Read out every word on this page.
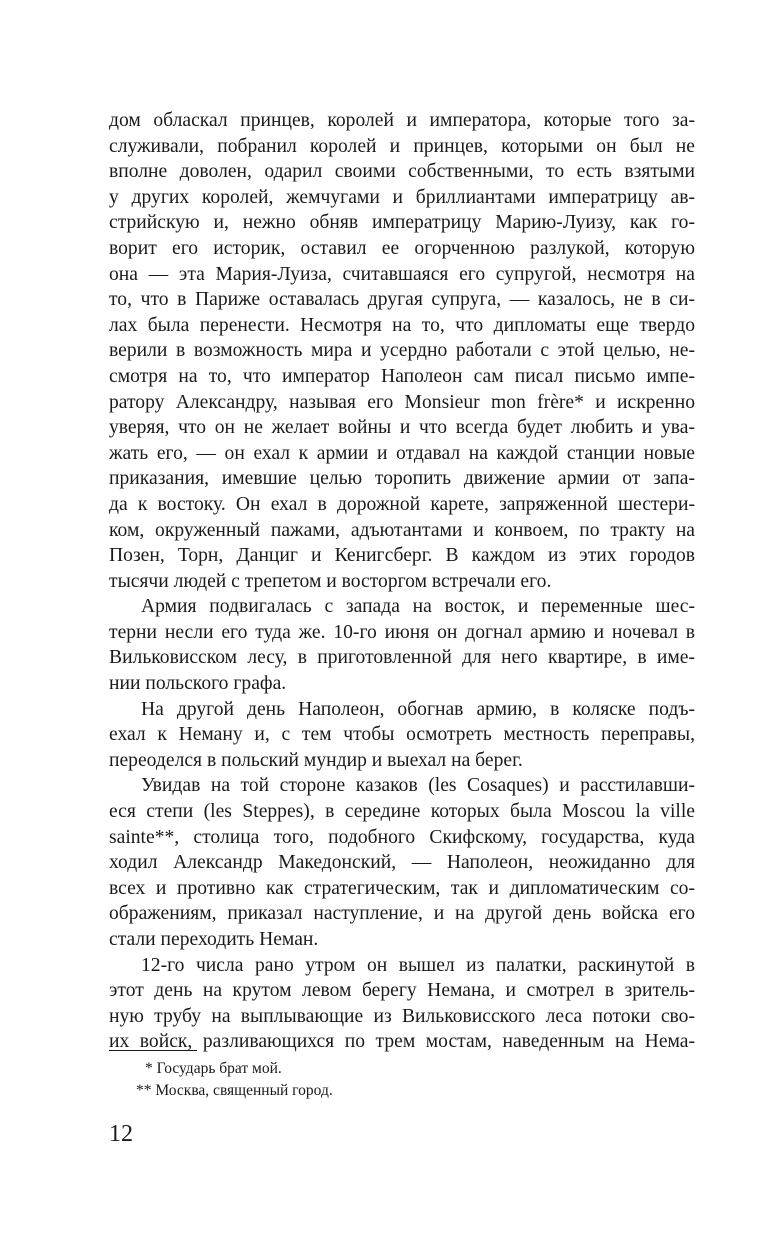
дом обласкал принцев, королей и императора, которые того за-
служивали, побранил королей и принцев, которыми он был не
вполне доволен, одарил своими собственными, то есть взятыми
у других королей, жемчугами и бриллиантами императрицу ав-
стрийскую и, нежно обняв императрицу Марию-Луизу, как го-
ворит его историк, оставил ее огорченною разлукой, которую
она — эта Мария-Луиза, считавшаяся его супругой, несмотря на
то, что в Париже оставалась другая супруга, — казалось, не в си-
лах была перенести. Несмотря на то, что дипломаты еще твердо
верили в возможность мира и усердно работали с этой целью, не-
смотря на то, что император Наполеон сам писал письмо импе-
ратору Александру, называя его Monsieur mon frère* и искренно
уверяя, что он не желает войны и что всегда будет любить и ува-
жать его, — он ехал к армии и отдавал на каждой станции новые
приказания, имевшие целью торопить движение армии от запа-
да к востоку. Он ехал в дорожной карете, запряженной шестери-
ком, окруженный пажами, адъютантами и конвоем, по тракту на
Позен, Торн, Данциг и Кенигсберг. В каждом из этих городов
тысячи людей с трепетом и восторгом встречали его.
Армия подвигалась с запада на восток, и переменные шес-
терни несли его туда же. 10-го июня он догнал армию и ночевал в
Вильковисском лесу, в приготовленной для него квартире, в име-
нии польского графа.
На другой день Наполеон, обогнав армию, в коляске подъ-
ехал к Неману и, с тем чтобы осмотреть местность переправы,
переоделся в польский мундир и выехал на берег.
Увидав на той стороне казаков (les Cosaques) и расстилавши-
еся степи (les Steppes), в середине которых была Moscou la ville
sainte**, столица того, подобного Скифскому, государства, куда
ходил Александр Македонский, — Наполеон, неожиданно для
всех и противно как стратегическим, так и дипломатическим со-
ображениям, приказал наступление, и на другой день войска его
стали переходить Неман.
12-го числа рано утром он вышел из палатки, раскинутой в
этот день на крутом левом берегу Немана, и смотрел в зритель-
ную трубу на выплывающие из Вильковисского леса потоки сво-
их войск, разливающихся по трем мостам, наведенным на Нема-
* Государь брат мой.
** Москва, священный город.
12
